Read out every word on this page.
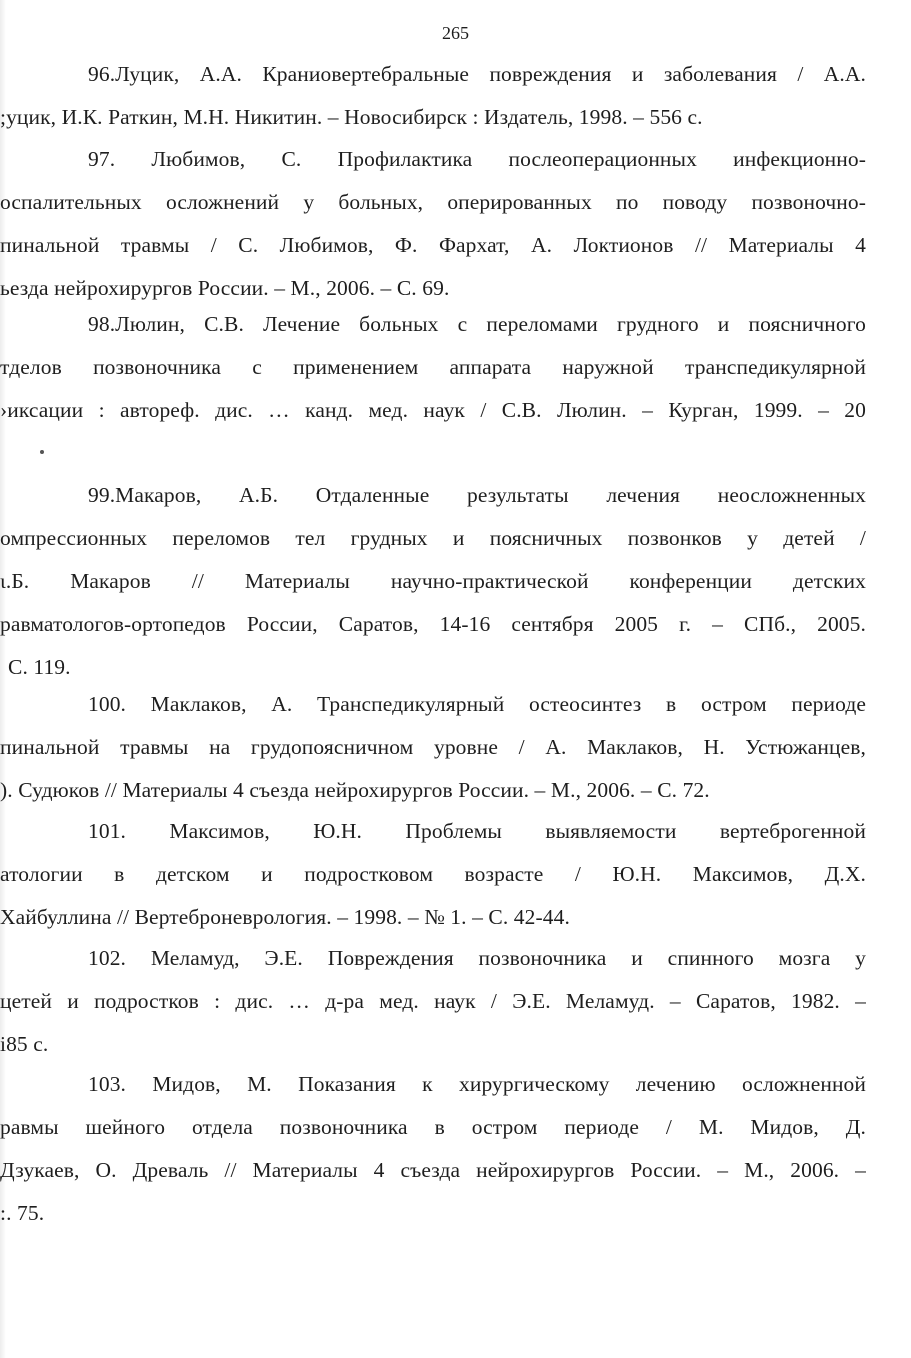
265

96.Луцик, А.А. Краниовертебральные повреждения и заболевания / А.А.

;уцик, И.К. Раткин, М.Н. Никитин. – Новосибирск : Издатель, 1998. – 556 с.

97. Любимов, С. Профилактика послеоперационных инфекционно-

оспалительных осложнений у больных, оперированных по поводу позвоночно-

пинальной травмы / С. Любимов, Ф. Фархат, А. Локтионов // Материалы 4

ьезда нейрохирургов России. – М., 2006. – С. 69.

98.Люлин, С.В. Лечение больных с переломами грудного и поясничного

тделов позвоночника с применением аппарата наружной транспедикулярной

›иксации : автореф. дис. … канд. мед. наук / С.В. Люлин. – Курган, 1999. – 20

99.Макаров, А.Б. Отдаленные результаты лечения неосложненных

омпрессионных переломов тел грудных и поясничных позвонков у детей /

ι.Б. Макаров // Материалы научно-практической конференции детских

равматологов-ортопедов России, Саратов, 14-16 сентября 2005 г. – СПб., 2005.

С. 119.

100. Маклаков, А. Транспедикулярный остеосинтез в остром периоде

пинальной травмы на грудопоясничном уровне / А. Маклаков, Н. Устюжанцев,

). Судюков // Материалы 4 съезда нейрохирургов России. – М., 2006. – С. 72.

101. Максимов, Ю.Н. Проблемы выявляемости вертеброгенной

атологии в детском и подростковом возрасте / Ю.Н. Максимов, Д.Х.

Хайбуллина // Вертеброневрология. – 1998. – № 1. – С. 42-44.

102. Меламуд, Э.Е. Повреждения позвоночника и спинного мозга у

цетей и подростков : дис. … д-ра мед. наук / Э.Е. Меламуд. – Саратов, 1982. –

і85 с.

103. Мидов, М. Показания к хирургическому лечению осложненной

равмы шейного отдела позвоночника в остром периоде / М. Мидов, Д.

Дзукаев, О. Древаль // Материалы 4 съезда нейрохирургов России. – М., 2006. –

:. 75.
